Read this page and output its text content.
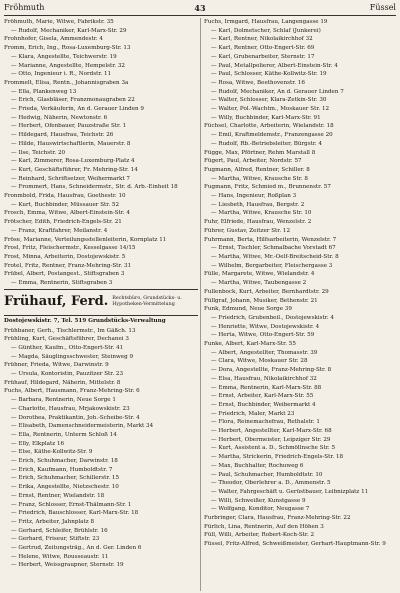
Fröhmuth	43	Füssel
Fröhmuth, Marie, Witwe, Fabrikstr. 35
— Rudolf, Mechaniker, Karl-Marx-Str. 29
Frohnhofer, Gisela, Ammendestr. 4
Fromm, Erich, Ing., Rosa-Luxemburg-Str. 13
— Klara, Angestellte, Teichwerstr. 19
— Marianne, Angestellte, Hempelstr. 32
— Otto, Ingenieur i. R., Nordstr. 11
Frommelt, Elisa, Rentn., Johannisgraben 3a
— Ella, Plankenweg 13
— Erich, Glasbläser, Franzmonaugraben 22
— Frieda, Verkäuferin, An d. Gerauer Linden 9
— Hedwig, Näherin, Newtonstr. 6
— Herbert, Ofenbauer, Pauzstraße Str. 1
— Hildegard, Hausfrau, Teichstr. 26
— Hilde, Hauswirtschaftlerin, Mauerstr. 8
— Ilse, Teichstr. 20
— Karl, Zimmerer, Rosa-Luxemburg-Platz 4
— Kurt, Geschäftsführer, Fr. Mehring-Str. 14
— Reinhard, Schriftsetzer, Weihermarkt 7
— Frommert, Hans, Schneidermstr., Str. d. Arb.-Einheit 18
Fronmbold, Frida, Hausfrau, Goethestr. 10
— Kurt, Buchbinder, Müssauer Str. 52
Frosch, Emma, Witwe, Albert-Einstein-Str. 4
Frötscher, Edith, Friedrich-Engels-Str. 21
— Franz, Kraftfahrer, Meilanstr. 4
Fröse, Marianne, Verteilungsstellenleiterin, Kornplatz 11
Frosl, Fritz, Fleischermstr., Kesselgasse 14/15
Frost, Minna, Arbeiterin, Dostojewskistr. 5
Frotel, Fritz, Rentner, Franz-Mehring-Str. 31
Frübel, Albert, Postangest., Stiftsgraben 3
— Emma, Rentnerin, Stiftsgraben 3
Frühauf, Ferd. Rechtsbüro, Grundstücks- u.
Hypotheken-Vermittelung
Dostojewskistr. 7, Tel. 519 Grundstücks-Verwaltung
Frühbaner, Gerh., Tischlermstr., Im Gäßch. 13
Frühling, Kurt, Geschäftsführer, Dechanei 3
— Günther, Kaufm., Otto-Engert-Str. 41
— Magda, Säuglingsschwester, Steinweg 9
Frühner, Frieda, Witwe, Darwinstr. 9
— Ursula, Kontoristin, Pauzitzer Str. 23
Frühauf, Hildegard, Näherin, Mittelstr. 8
Fuchs, Albert, Hausmann, Franz-Mehring-Str. 6
— Barbara, Rentnerin, Neue Sorge 1
— Charlotte, Hausfrau, Mrjakowskistr. 23
— Dorothea, Praktikantin, Joh.-Scheibe-Str. 4
— Elisabeth, Damenschneidermeisterin, Markt 34
— Ella, Rentnerin, Unterm Schloß 14
— Elly, Elkplatz 16
— Else, Käthe-Kollwitz-Str. 9
— Erich, Schuhmacher, Darwinstr. 18
— Erich, Kaufmann, Humboldtstr. 7
— Erich, Schuhmacher, Schillerstr. 15
— Erika, Angestellte, Nietzschestr. 10
— Ernst, Rentner, Wielandstr. 18
— Franz, Schlosser, Ernst-Thälmann-Str. 1
— Friedrich, Bauschlosser, Karl-Marx-Str. 18
— Fritz, Arbeiter, Jahnplatz 8
— Gerhard, Schleifer, Brühlstr. 16
— Gerhard, Friseur, Stiftstr. 23
— Gertrud, Zeitungsträg., An d. Ger. Linden 6
— Helene, Witwe, Rousseaustr. 11
— Herbert, Weissgraupner, Sternstr. 19
Fuchs, Irmgard, Hausfrau, Langengasse 19
— Karl, Dolmetscher, Schlaf (Junkerei)
— Karl, Rentner, Nikolaikirchhof 32
— Karl, Rentner, Otto-Engert-Str. 69
— Karl, Grubenarbeiter, Sternstr. 17
— Paul, Metallpolierer, Albert-Einstein-Str. 4
— Paul, Schlosser, Käthe-Kollwitz-Str. 19
— Rosa, Witwe, Beethovenstr. 16
— Rudolf, Mechaniker, An d. Gerauer Linden 7
— Walter, Schlosser, Klara-Zetkin-Str. 30
— Walter, Pol.-Wachtm., Moskauer Str. 12
— Willy, Buchbinder, Karl-Marx-Str. 91
Füchsel, Charlotte, Arbeiterin, Wielandstr. 18
— Emil, Kraftmeldemstr., Franzengasse 20
— Rudolf, Rb.-Betriebsleiter, Bürgstr. 4
Függe, Max, Pförtner, Rehm Marstall 8
Fügert, Paul, Arbeiter, Nordstr. 57
Fugmann, Alfred, Rentner, Schiller. 8
— Martha, Witwe, Krausche Str. 8
Fugmann, Fritz, Schmied m., Brunnenstr. 57
— Hans, Ingenieur, Roßplan 3
— Liesbeth, Hausfrau, Bergstr. 2
— Martha, Witwe, Krausche Str. 10
Fuhr, Elfriede, Hausfrau, Wenzelstr. 2
Führer, Gustav, Zeitzer Str. 12
Fuhrmann, Berta, Hilfsarbeiterin, Wenzelstr. 7
— Ernst, Tischler, Schmalbache Vorstadt 67
— Martha, Witwe, Mr.-Oelf-Breitscheid-Str. 8
— Wilhelm, Bergarbeiter, Fleischergasse 3
Fülle, Margarete, Witwe, Wielandstr. 4
— Martha, Witwe, Taubengasse 2
Fullenbock, Kurt, Arbeiter, Bernhardtstr. 29
Füllgraf, Johann, Musiker, Bethenstr. 21
Funk, Edmund, Neue Sorge 39
— Friedrich, Grubenbeil., Dostojewskistr. 4
— Henriette, Witwe, Dostojewskistr. 4
— Herta, Witwe, Otto-Engert-Str. 59
Funke, Albert, Karl-Marx-Str. 55
— Albert, Angestellter, Thomasstr. 39
— Clara, Witwe, Moskauer Str. 28
— Dora, Angestellte, Franz-Mehring-Str. 8
— Elsa, Hausfrau, Nikolaikirchhof 32
— Emma, Rentnerin, Karl-Marx-Str. 88
— Ernst, Arbeiter, Karl-Marx-Str. 55
— Ernst, Buchbinder, Weibermarkt 4
— Friedrich, Maler, Markt 23
— Flora, Reinemachefrau, Rethalstr. 1
— Herbert, Angestellter, Karl-Marx-Str. 68
— Herbert, Obermeister, Leipziger Str. 29
— Kurt, Assistent a. D., Schmöllnsche Str. 5
— Martha, Strickerin, Friedrich-Engels-Str. 18
— Max, Buchhalter, Rochuweg 6
— Paul, Schuhmacher, Humboldtstr. 10
— Theodor, Oberlehrer a. D., Ammenstr. 5
— Walter, Fahrgeschäft u. Gerüstbauer, Leibnizplatz 11
— Willi, Schweißer, Kunstgasse 9
— Wolfgang, Konditor, Neugasse 7
Furbringer, Clara, Hausfrau, Franz-Mehring-Str. 22
Fürlich, Lina, Rentnerin, Auf den Höhen 3
Füll, Willi, Arbeiter, Robert-Koch-Str. 2
Füssel, Fritz-Alfred, Schweißmeister, Gerhart-Hauptmann-Str. 9
